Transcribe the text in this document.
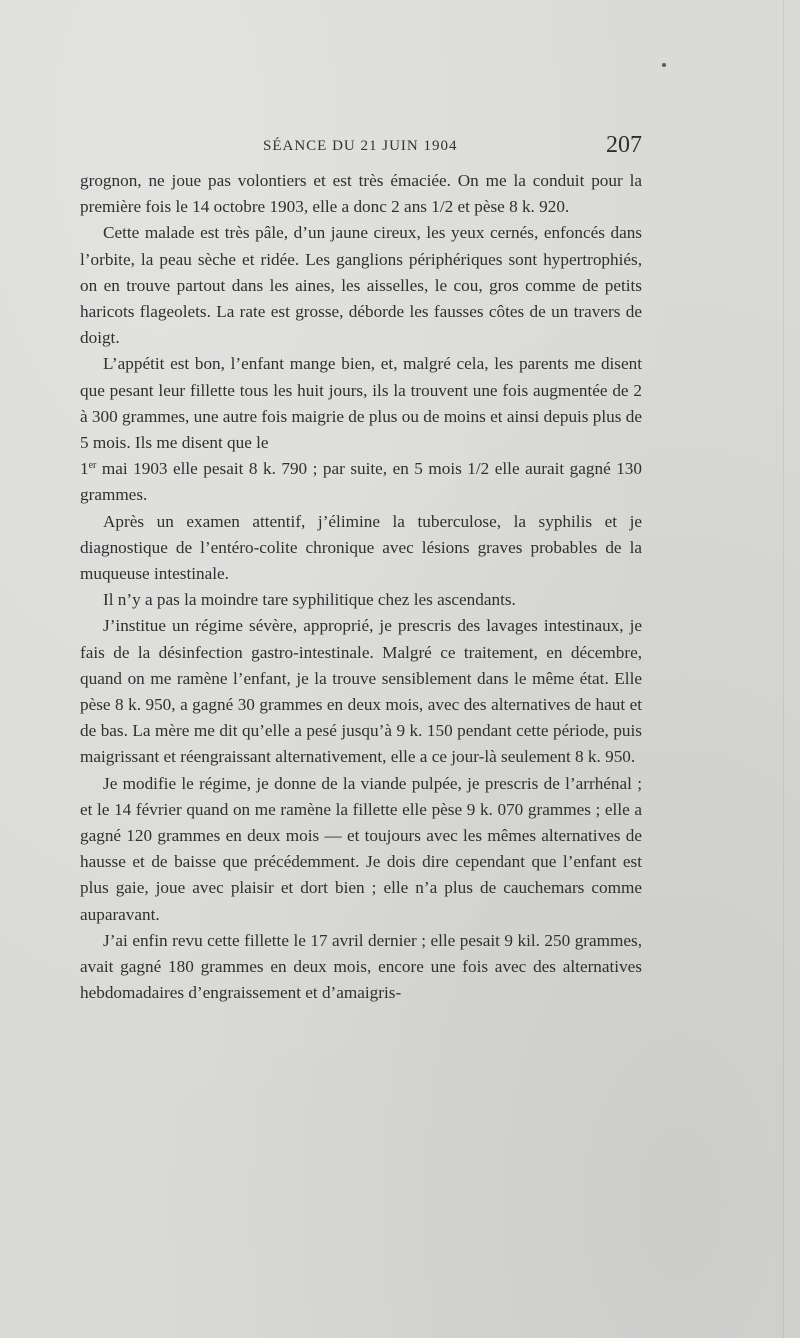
SÉANCE DU 21 JUIN 1904	207

grognon, ne joue pas volontiers et est très émaciée. On me la conduit pour la première fois le 14 octobre 1903, elle a donc 2 ans 1/2 et pèse 8 k. 920.

Cette malade est très pâle, d’un jaune cireux, les yeux cernés, enfoncés dans l’orbite, la peau sèche et ridée. Les ganglions périphériques sont hypertrophiés, on en trouve partout dans les aines, les aisselles, le cou, gros comme de petits haricots flageolets. La rate est grosse, déborde les fausses côtes de un travers de doigt.

L’appétit est bon, l’enfant mange bien, et, malgré cela, les parents me disent que pesant leur fillette tous les huit jours, ils la trouvent une fois augmentée de 2 à 300 grammes, une autre fois maigrie de plus ou de moins et ainsi depuis plus de 5 mois. Ils me disent que le

1er mai 1903 elle pesait 8 k. 790 ; par suite, en 5 mois 1/2 elle aurait gagné 130 grammes.

Après un examen attentif, j’élimine la tuberculose, la syphilis et je diagnostique de l’entéro-colite chronique avec lésions graves probables de la muqueuse intestinale.

Il n’y a pas la moindre tare syphilitique chez les ascendants.

J’institue un régime sévère, approprié, je prescris des lavages intestinaux, je fais de la désinfection gastro-intestinale. Malgré ce traitement, en décembre, quand on me ramène l’enfant, je la trouve sensiblement dans le même état. Elle pèse 8 k. 950, a gagné 30 grammes en deux mois, avec des alternatives de haut et de bas. La mère me dit qu’elle a pesé jusqu’à 9 k. 150 pendant cette période, puis maigrissant et réengraissant alternativement, elle a ce jour-là seulement 8 k. 950.

Je modifie le régime, je donne de la viande pulpée, je prescris de l’arrhénal ; et le 14 février quand on me ramène la fillette elle pèse 9 k. 070 grammes ; elle a gagné 120 grammes en deux mois — et toujours avec les mêmes alternatives de hausse et de baisse que précédemment. Je dois dire cependant que l’enfant est plus gaie, joue avec plaisir et dort bien ; elle n’a plus de cauchemars comme auparavant.

J’ai enfin revu cette fillette le 17 avril dernier ; elle pesait 9 kil. 250 grammes, avait gagné 180 grammes en deux mois, encore une fois avec des alternatives hebdomadaires d’engraissement et d’amaigris-
